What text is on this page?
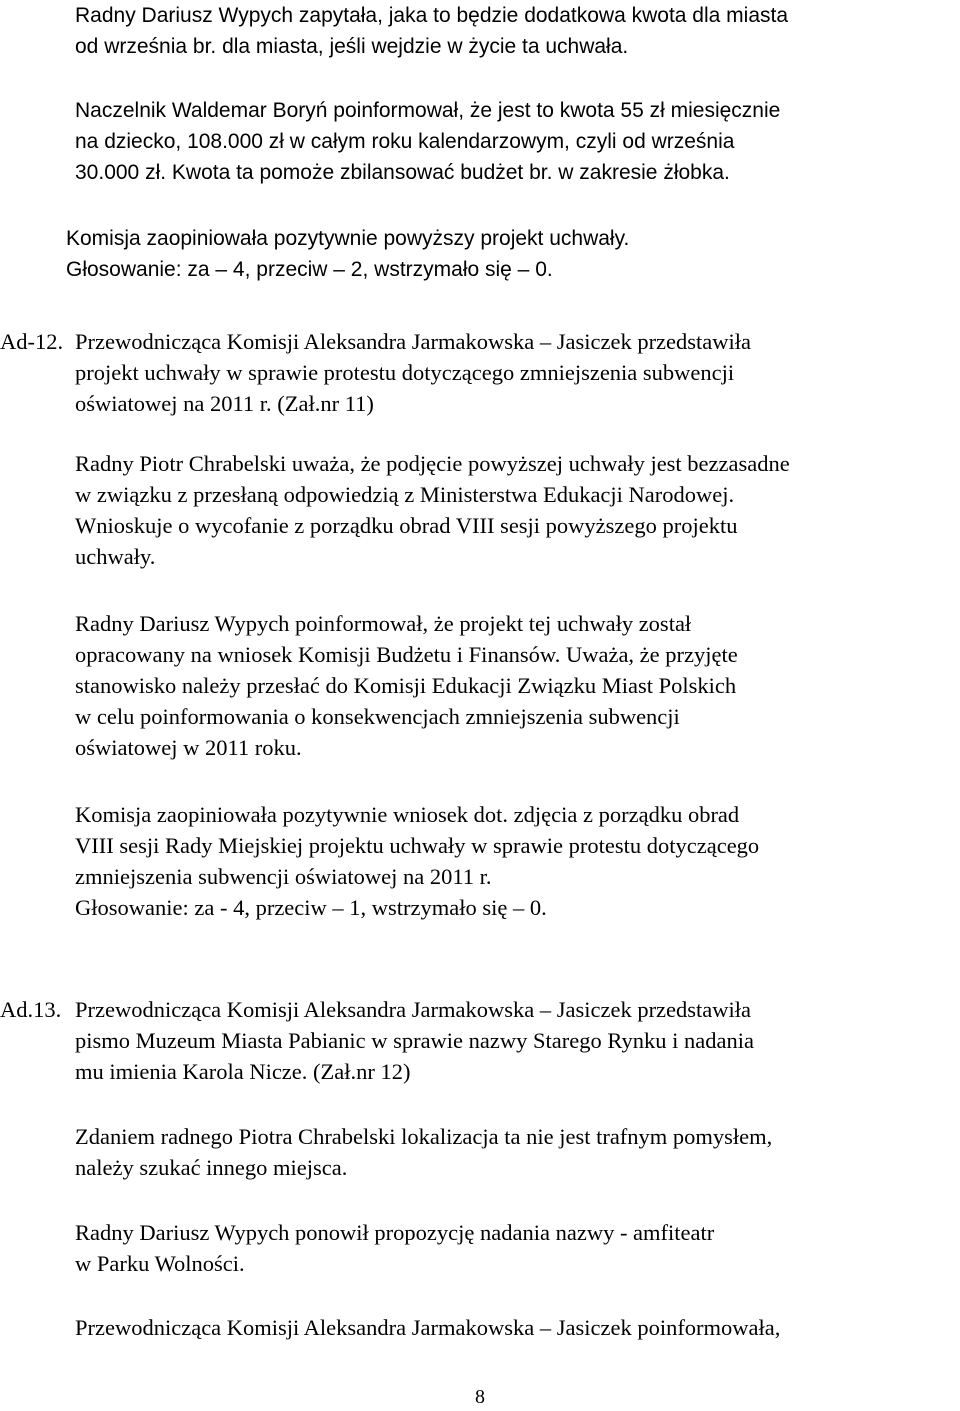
Radny Dariusz Wypych zapytała, jaka to będzie dodatkowa kwota dla miasta
od września br. dla miasta, jeśli wejdzie w życie ta uchwała.
Naczelnik Waldemar Boryń poinformował, że jest to kwota 55 zł miesięcznie
na dziecko, 108.000 zł w całym roku kalendarzowym, czyli od września
30.000 zł. Kwota ta pomoże zbilansować budżet br. w zakresie żłobka.
Komisja zaopiniowała pozytywnie powyższy projekt uchwały.
Głosowanie: za – 4, przeciw – 2, wstrzymało się – 0.
Ad-12. Przewodnicząca Komisji Aleksandra Jarmakowska – Jasiczek przedstawiła
projekt uchwały w sprawie protestu dotyczącego zmniejszenia subwencji
oświatowej na 2011 r. (Zał.nr 11)
Radny Piotr Chrabelski uważa, że podjęcie powyższej uchwały jest bezzasadne
w związku z przesłaną odpowiedzią z Ministerstwa Edukacji Narodowej.
Wnioskuje o wycofanie z porządku obrad VIII sesji powyższego projektu
uchwały.
Radny Dariusz Wypych poinformował, że projekt tej uchwały został
opracowany na wniosek Komisji Budżetu i Finansów. Uważa, że przyjęte
stanowisko należy przesłać do Komisji Edukacji Związku Miast Polskich
w celu poinformowania o konsekwencjach zmniejszenia subwencji
oświatowej w 2011 roku.
Komisja zaopiniowała pozytywnie wniosek dot. zdjęcia z porządku obrad
VIII sesji Rady Miejskiej projektu uchwały w sprawie protestu dotyczącego
zmniejszenia subwencji oświatowej na 2011 r.
Głosowanie: za - 4, przeciw – 1, wstrzymało się – 0.
Ad.13. Przewodnicząca Komisji Aleksandra Jarmakowska – Jasiczek przedstawiła
pismo Muzeum Miasta Pabianic w sprawie nazwy Starego Rynku i nadania
mu imienia Karola Nicze. (Zał.nr 12)
Zdaniem radnego Piotra Chrabelski lokalizacja ta nie jest trafnym pomysłem,
należy szukać innego miejsca.
Radny Dariusz Wypych ponowił propozycję nadania nazwy - amfiteatr
w Parku Wolności.
Przewodnicząca Komisji Aleksandra Jarmakowska – Jasiczek poinformowała,
8
